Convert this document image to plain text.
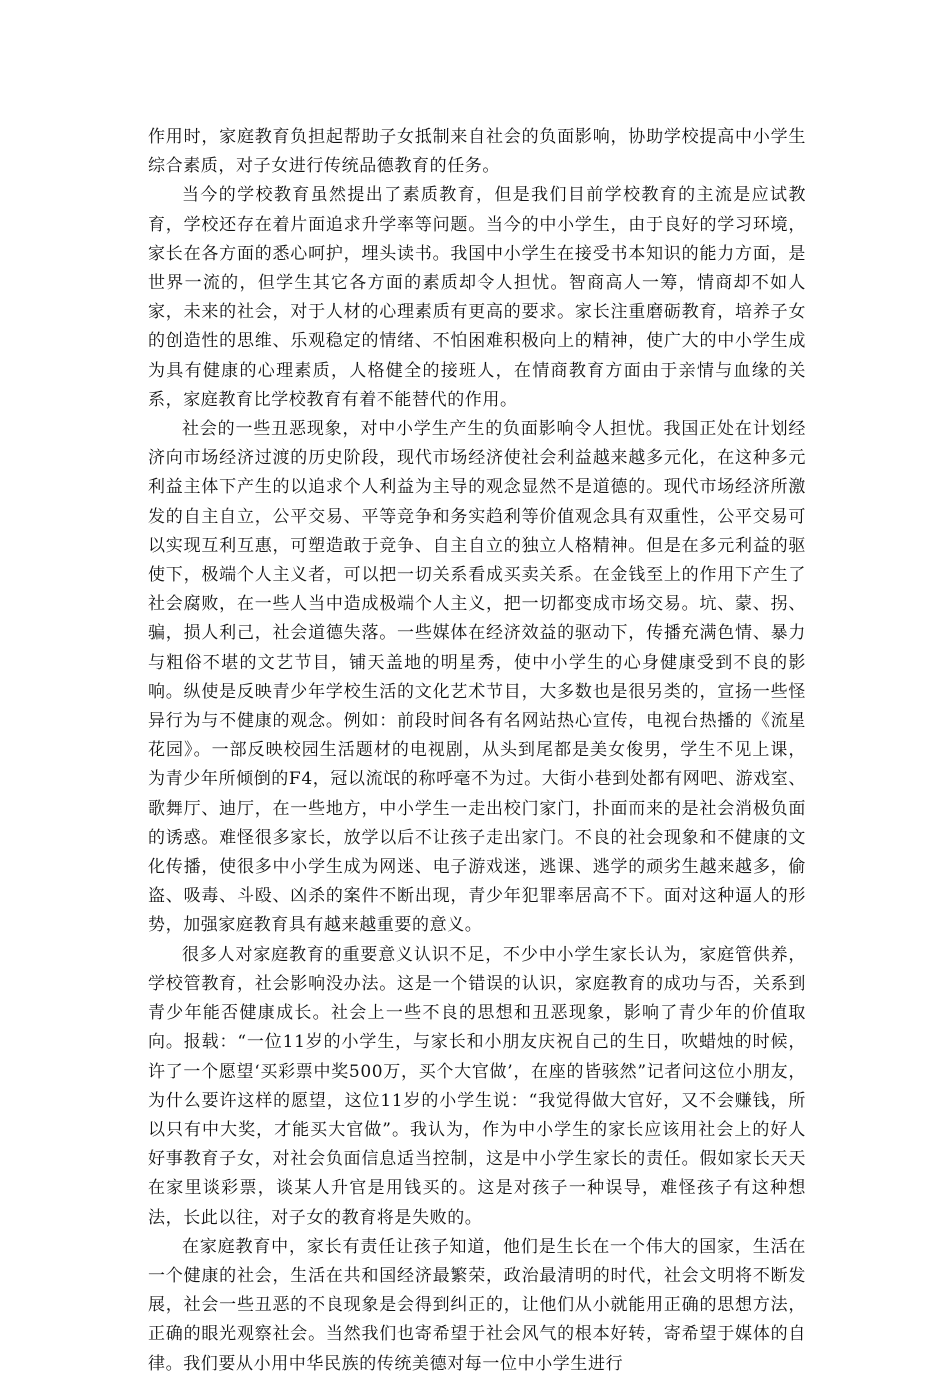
作用时，家庭教育负担起帮助子女抵制来自社会的负面影响，协助学校提高中小学生综合素质，对子女进行传统品德教育的任务。

当今的学校教育虽然提出了素质教育，但是我们目前学校教育的主流是应试教育，学校还存在着片面追求升学率等问题。当今的中小学生，由于良好的学习环境，家长在各方面的悉心呵护，埋头读书。我国中小学生在接受书本知识的能力方面，是世界一流的，但学生其它各方面的素质却令人担忧。智商高人一筹，情商却不如人家，未来的社会，对于人材的心理素质有更高的要求。家长注重磨砺教育，培养子女的创造性的思维、乐观稳定的情绪、不怕困难积极向上的精神，使广大的中小学生成为具有健康的心理素质，人格健全的接班人，在情商教育方面由于亲情与血缘的关系，家庭教育比学校教育有着不能替代的作用。

社会的一些丑恶现象，对中小学生产生的负面影响令人担忧。我国正处在计划经济向市场经济过渡的历史阶段，现代市场经济使社会利益越来越多元化，在这种多元利益主体下产生的以追求个人利益为主导的观念显然不是道德的。现代市场经济所激发的自主自立，公平交易、平等竞争和务实趋利等价值观念具有双重性，公平交易可以实现互利互惠，可塑造敢于竞争、自主自立的独立人格精神。但是在多元利益的驱使下，极端个人主义者，可以把一切关系看成买卖关系。在金钱至上的作用下产生了社会腐败，在一些人当中造成极端个人主义，把一切都变成市场交易。坑、蒙、拐、骗，损人利己，社会道德失落。一些媒体在经济效益的驱动下，传播充满色情、暴力与粗俗不堪的文艺节目，铺天盖地的明星秀，使中小学生的心身健康受到不良的影响。纵使是反映青少年学校生活的文化艺术节目，大多数也是很另类的，宣扬一些怪异行为与不健康的观念。例如：前段时间各有名网站热心宣传，电视台热播的《流星花园》。一部反映校园生活题材的电视剧，从头到尾都是美女俊男，学生不见上课，为青少年所倾倒的F4，冠以流氓的称呼毫不为过。大街小巷到处都有网吧、游戏室、歌舞厅、迪厅，在一些地方，中小学生一走出校门家门，扑面而来的是社会消极负面的诱惑。难怪很多家长，放学以后不让孩子走出家门。不良的社会现象和不健康的文化传播，使很多中小学生成为网迷、电子游戏迷，逃课、逃学的顽劣生越来越多，偷盗、吸毒、斗殴、凶杀的案件不断出现，青少年犯罪率居高不下。面对这种逼人的形势，加强家庭教育具有越来越重要的意义。

很多人对家庭教育的重要意义认识不足，不少中小学生家长认为，家庭管供养，学校管教育，社会影响没办法。这是一个错误的认识，家庭教育的成功与否，关系到青少年能否健康成长。社会上一些不良的思想和丑恶现象，影响了青少年的价值取向。报载：“一位11岁的小学生，与家长和小朋友庆祝自己的生日，吹蜡烛的时候，许了一个愿望‘买彩票中奖500万，买个大官做’，在座的皆骇然”记者问这位小朋友，为什么要许这样的愿望，这位11岁的小学生说：“我觉得做大官好，又不会赚钱，所以只有中大奖，才能买大官做”。我认为，作为中小学生的家长应该用社会上的好人好事教育子女，对社会负面信息适当控制，这是中小学生家长的责任。假如家长天天在家里谈彩票，谈某人升官是用钱买的。这是对孩子一种误导，难怪孩子有这种想法，长此以往，对子女的教育将是失败的。

在家庭教育中，家长有责任让孩子知道，他们是生长在一个伟大的国家，生活在一个健康的社会，生活在共和国经济最繁荣，政治最清明的时代，社会文明将不断发展，社会一些丑恶的不良现象是会得到纠正的，让他们从小就能用正确的思想方法，正确的眼光观察社会。当然我们也寄希望于社会风气的根本好转，寄希望于媒体的自律。我们要从小用中华民族的传统美德对每一位中小学生进行
